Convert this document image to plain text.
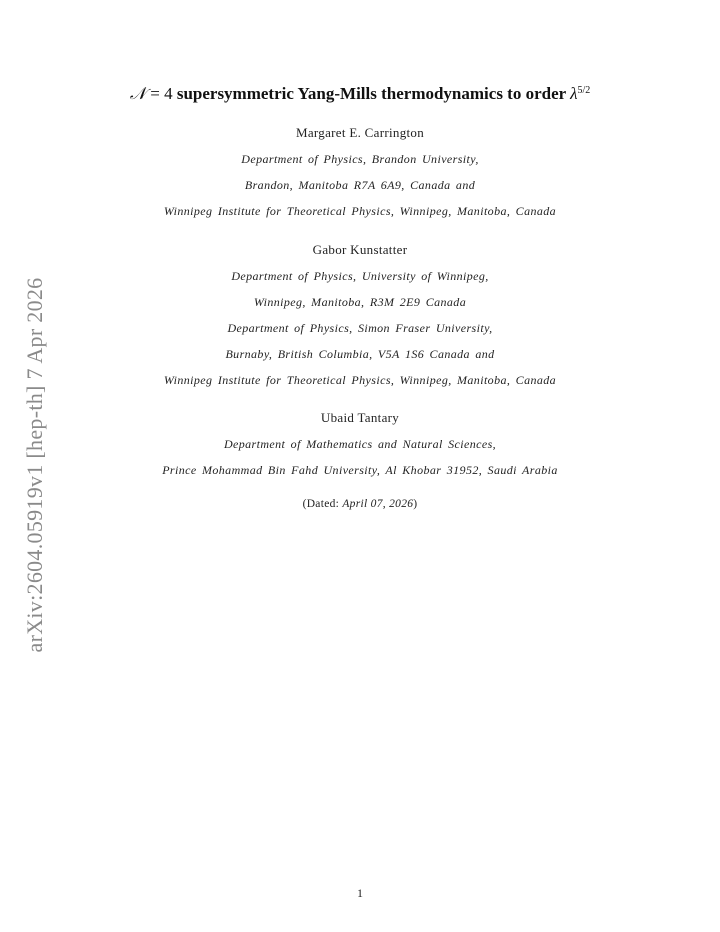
arXiv:2604.05919v1 [hep-th] 7 Apr 2026
𝒩 = 4 supersymmetric Yang-Mills thermodynamics to order $\lambda^{5/2}$
Margaret E. Carrington
Department of Physics, Brandon University,
Brandon, Manitoba R7A 6A9, Canada and
Winnipeg Institute for Theoretical Physics, Winnipeg, Manitoba, Canada
Gabor Kunstatter
Department of Physics, University of Winnipeg,
Winnipeg, Manitoba, R3M 2E9 Canada
Department of Physics, Simon Fraser University,
Burnaby, British Columbia, V5A 1S6 Canada and
Winnipeg Institute for Theoretical Physics, Winnipeg, Manitoba, Canada
Ubaid Tantary
Department of Mathematics and Natural Sciences,
Prince Mohammad Bin Fahd University, Al Khobar 31952, Saudi Arabia
(Dated: April 07, 2026)
1
